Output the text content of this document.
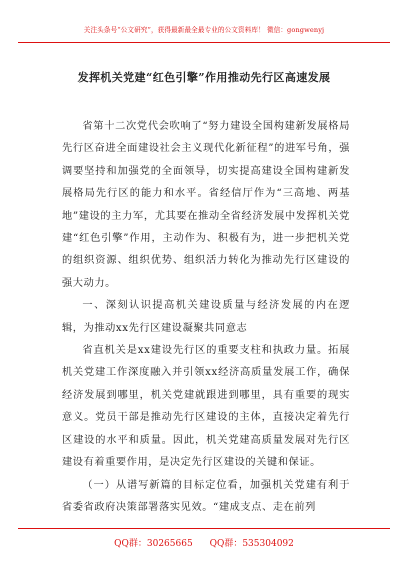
关注头条号“公文研究”，获得最新最全最专业的公文资料库！ 微信：gongwenyj
发挥机关党建“红色引擎”作用推动先行区高速发展

省第十二次党代会吹响了“努力建设全国构建新发展格局先行区奋进全面建设社会主义现代化新征程”的进军号角，强调要坚持和加强党的全面领导，切实提高建设全国构建新发展格局先行区的能力和水平。省经信厅作为“三高地、两基地”建设的主力军，尤其要在推动全省经济发展中发挥机关党建“红色引擎”作用，主动作为、积极有为，进一步把机关党的组织资源、组织优势、组织活力转化为推动先行区建设的强大动力。

一、深刻认识提高机关建设质量与经济发展的内在逻辑，为推动xx先行区建设凝聚共同意志

省直机关是xx建设先行区的重要支柱和执政力量。拓展机关党建工作深度融入并引领xx经济高质量发展工作，确保经济发展到哪里，机关党建就跟进到哪里，具有重要的现实意义。党员干部是推动先行区建设的主体，直接决定着先行区建设的水平和质量。因此，机关党建高质量发展对先行区建设有着重要作用，是决定先行区建设的关键和保证。

（一）从谱写新篇的目标定位看，加强机关党建有利于省委省政府决策部署落实见效。“建成支点、走在前列

QQ群：30265665 QQ群：535304092
